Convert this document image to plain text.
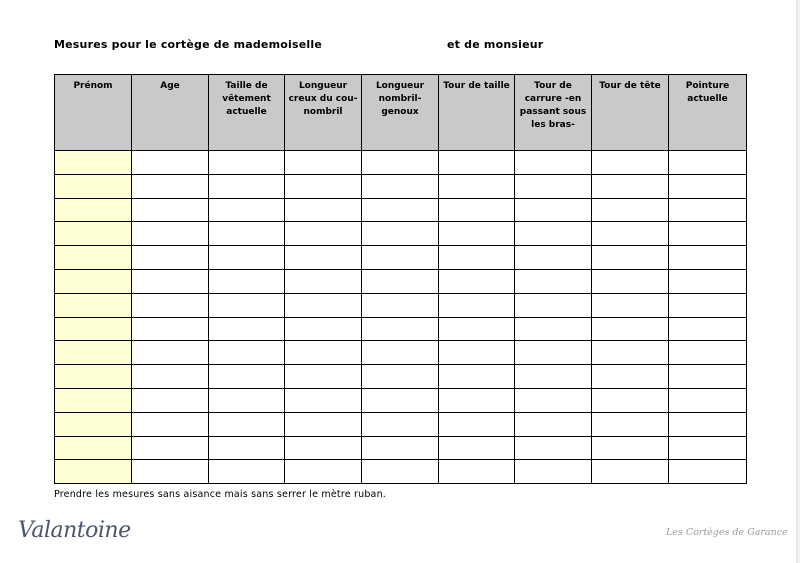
Mesures pour le cortège de mademoiselle	et de monsieur
Prénom	Age	Taille de vêtement actuelle	Longueur creux du cou-nombril	Longueur nombril-genoux	Tour de taille	Tour de carrure -en passant sous les bras-	Tour de tête	Pointure actuelle

Prendre les mesures sans aisance mais sans serrer le mètre ruban.
Valantoine	Les Cortèges de Garance
